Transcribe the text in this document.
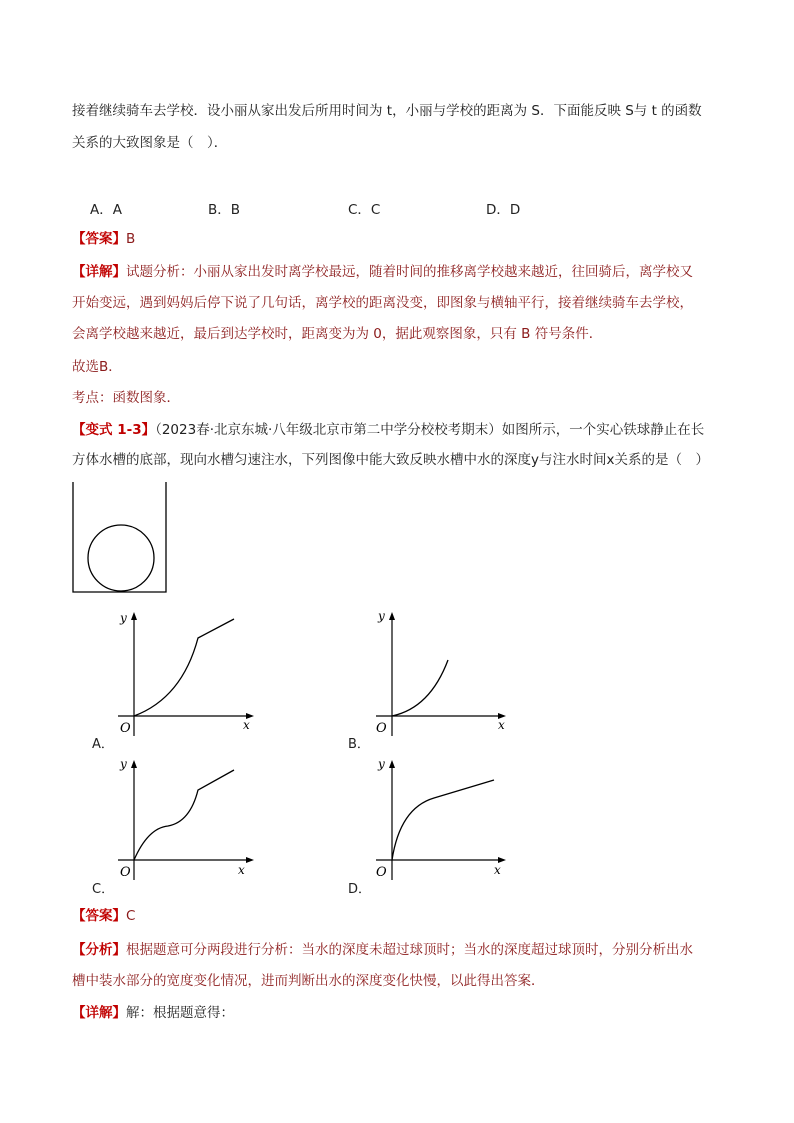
接着继续骑车去学校．设小丽从家出发后所用时间为 t，小丽与学校的距离为 S．下面能反映 S与 t 的函数
关系的大致图象是（　）．
A．A	B．B	C．C	D．D
【答案】B
【详解】试题分析：小丽从家出发时离学校最远，随着时间的推移离学校越来越近，往回骑后，离学校又
开始变远，遇到妈妈后停下说了几句话，离学校的距离没变，即图象与横轴平行，接着继续骑车去学校，
会离学校越来越近，最后到达学校时，距离变为为 0，据此观察图象，只有 B 符号条件．
故选B．
考点：函数图象．
【变式 1-3】（2023春·北京东城·八年级北京市第二中学分校校考期末）如图所示，一个实心铁球静止在长
方体水槽的底部，现向水槽匀速注水，下列图像中能大致反映水槽中水的深度y与注水时间x关系的是（　）
y
x
O
A．
y
x
O
B．
y
x
O
C．
y
x
O
D．
【答案】C
【分析】根据题意可分两段进行分析：当水的深度未超过球顶时；当水的深度超过球顶时，分别分析出水
槽中装水部分的宽度变化情况，进而判断出水的深度变化快慢，以此得出答案．
【详解】解：根据题意得：
